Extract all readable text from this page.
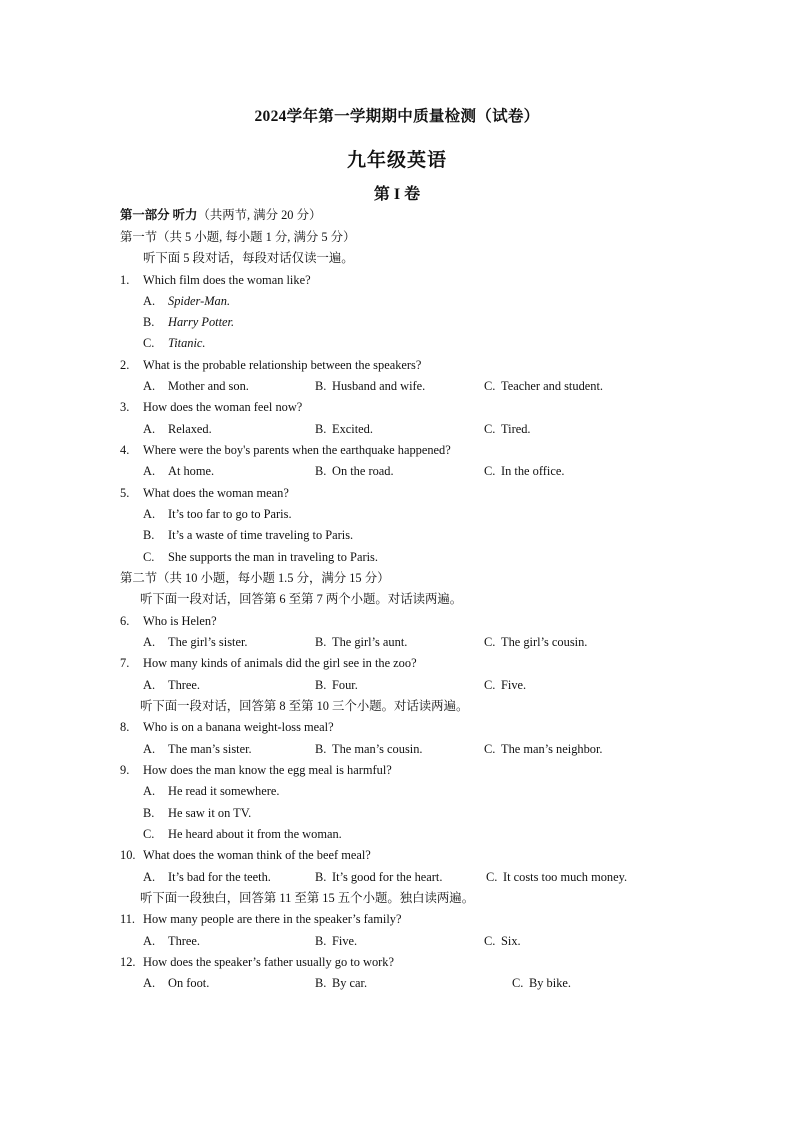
2024学年第一学期期中质量检测（试卷）
九年级英语
第 I 卷
第一部分 听力（共两节, 满分 20 分）
第一节（共 5 小题, 每小题 1 分, 满分 5 分）
听下面 5 段对话，每段对话仅读一遍。
1. Which film does the woman like?
A. Spider-Man.
B. Harry Potter.
C. Titanic.
2. What is the probable relationship between the speakers?
A. Mother and son.	B. Husband and wife.	C. Teacher and student.
3. How does the woman feel now?
A. Relaxed.	B. Excited.	C. Tired.
4. Where were the boy's parents when the earthquake happened?
A. At home.	B. On the road.	C. In the office.
5. What does the woman mean?
A. It’s too far to go to Paris.
B. It’s a waste of time traveling to Paris.
C. She supports the man in traveling to Paris.
第二节（共 10 小题，每小题 1.5 分，满分 15 分）
听下面一段对话，回答第 6 至第 7 两个小题。对话读两遍。
6. Who is Helen?
A. The girl’s sister.	B. The girl’s aunt.	C. The girl’s cousin.
7. How many kinds of animals did the girl see in the zoo?
A. Three.	B. Four.	C. Five.
听下面一段对话，回答第 8 至第 10 三个小题。对话读两遍。
8. Who is on a banana weight-loss meal?
A. The man’s sister.	B. The man’s cousin.	C. The man’s neighbor.
9. How does the man know the egg meal is harmful?
A. He read it somewhere.
B. He saw it on TV.
C. He heard about it from the woman.
10. What does the woman think of the beef meal?
A. It’s bad for the teeth.	B. It’s good for the heart.	C. It costs too much money.
听下面一段独白，回答第 11 至第 15 五个小题。独白读两遍。
11. How many people are there in the speaker’s family?
A. Three.	B. Five.	C. Six.
12. How does the speaker’s father usually go to work?
A. On foot.	B. By car.	C. By bike.
